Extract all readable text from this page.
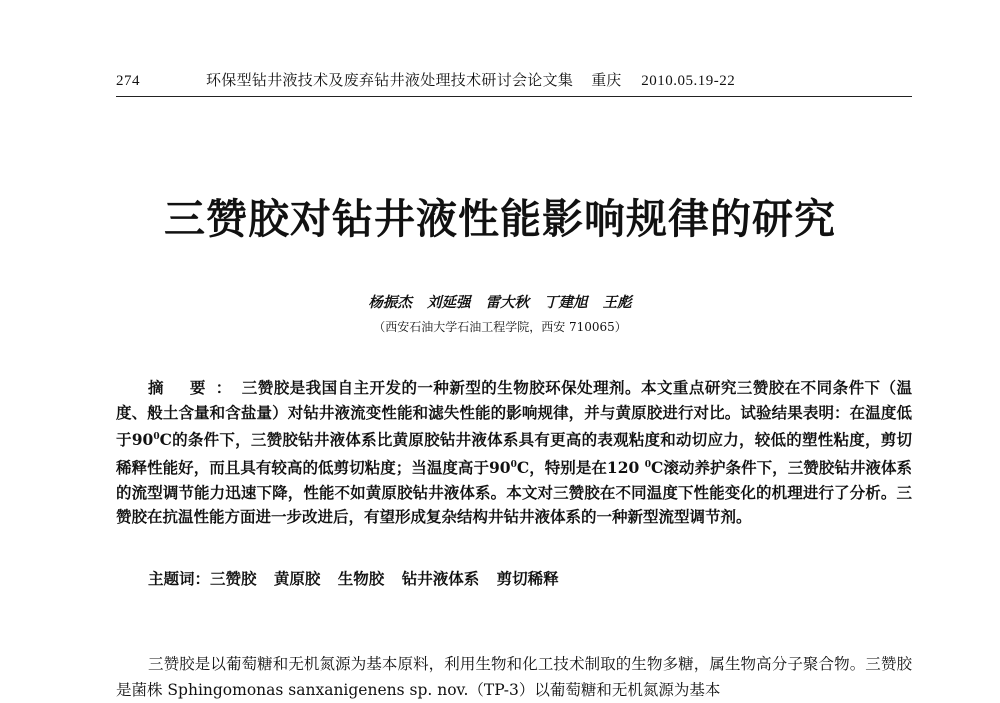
274	环保型钻井液技术及废弃钻井液处理技术研讨会论文集 重庆 2010.05.19-22
三赞胶对钻井液性能影响规律的研究
杨振杰 刘延强 雷大秋 丁建旭 王彪
（西安石油大学石油工程学院，西安 710065）

摘 要：三赞胶是我国自主开发的一种新型的生物胶环保处理剂。本文重点研究三赞胶在不同条件下（温度、般土含量和含盐量）对钻井液流变性能和滤失性能的影响规律，并与黄原胶进行对比。试验结果表明：在温度低于$90^0C$的条件下，三赞胶钻井液体系比黄原胶钻井液体系具有更高的表观粘度和动切应力，较低的塑性粘度，剪切稀释性能好，而且具有较高的低剪切粘度；当温度高于$90^0C$，特别是在120 $^0$C滚动养护条件下，三赞胶钻井液体系的流型调节能力迅速下降，性能不如黄原胶钻井液体系。本文对三赞胶在不同温度下性能变化的机理进行了分析。三赞胶在抗温性能方面进一步改进后，有望形成复杂结构井钻井液体系的一种新型流型调节剂。

主题词：三赞胶 黄原胶 生物胶 钻井液体系 剪切稀释

三赞胶是以葡萄糖和无机氮源为基本原料，利用生物和化工技术制取的生物多糖，属生物高分子聚合物。三赞胶是菌株 Sphingomonas sanxanigenens sp. nov.（TP-3）以葡萄糖和无机氮源为基本
